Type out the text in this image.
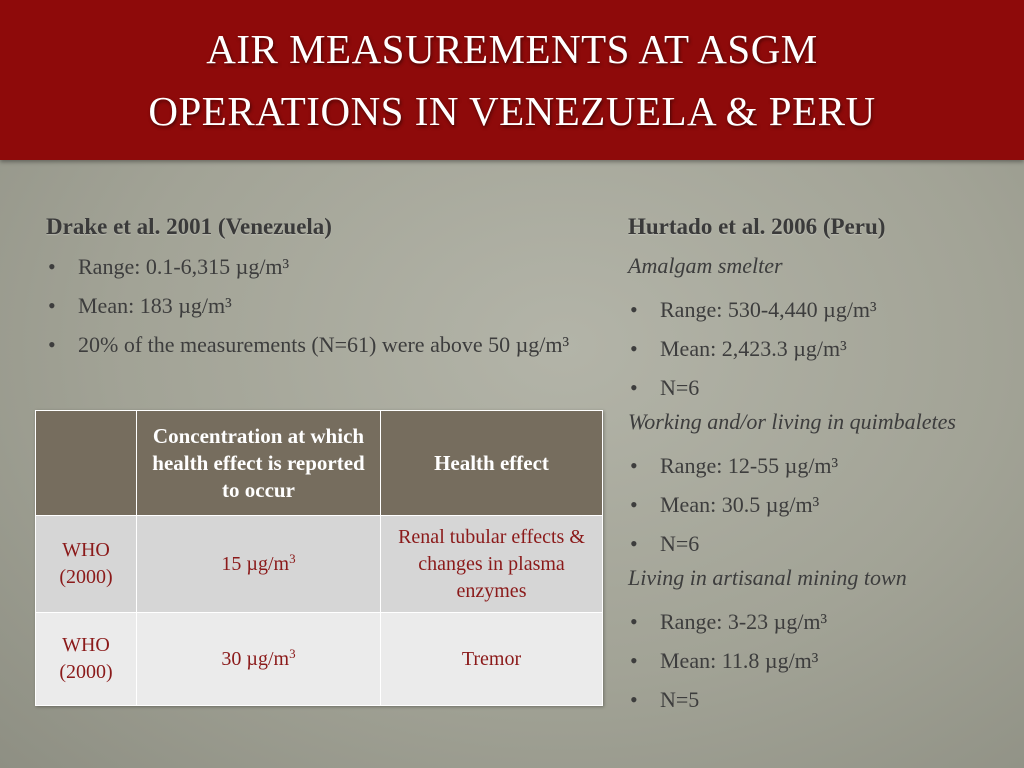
AIR MEASUREMENTS AT ASGM
OPERATIONS IN VENEZUELA & PERU
Drake et al. 2001 (Venezuela)
• Range: 0.1-6,315 µg/m³
• Mean: 183 µg/m³
• 20% of the measurements (N=61) were above 50 µg/m³
	Concentration at which health effect is reported to occur	Health effect
WHO (2000)	15 $\mu g/m^3$	Renal tubular effects & changes in plasma enzymes
WHO (2000)	30 $\mu g/m^3$	Tremor
Hurtado et al. 2006 (Peru)
Amalgam smelter
• Range: 530-4,440 µg/m³
• Mean: 2,423.3 µg/m³
• N=6
Working and/or living in quimbaletes
• Range: 12-55 µg/m³
• Mean: 30.5 µg/m³
• N=6
Living in artisanal mining town
• Range: 3-23 µg/m³
• Mean: 11.8 µg/m³
• N=5
